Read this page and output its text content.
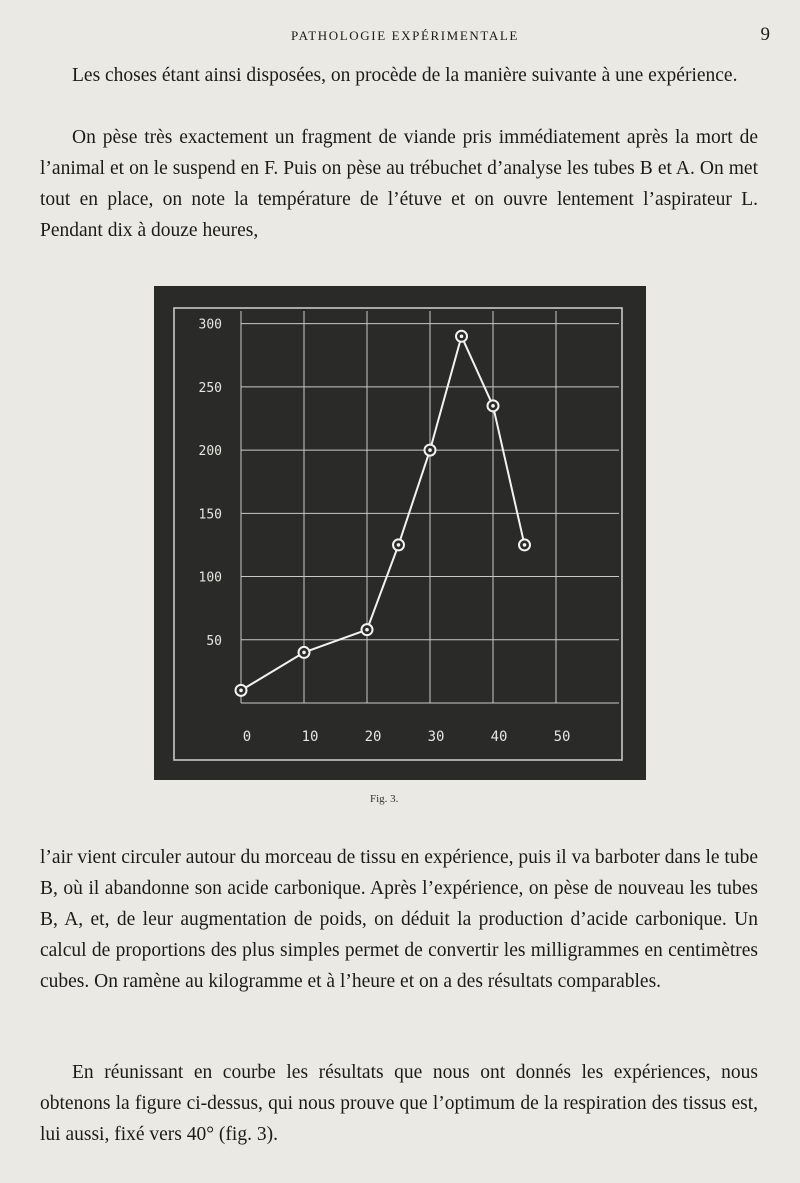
PATHOLOGIE EXPÉRIMENTALE	9

Les choses étant ainsi disposées, on procède de la manière suivante à une expérience.

On pèse très exactement un fragment de viande pris immédiatement après la mort de l’animal et on le suspend en F. Puis on pèse au trébuchet d’analyse les tubes B et A. On met tout en place, on note la température de l’étuve et on ouvre lentement l’aspirateur L. Pendant dix à douze heures,

0	10	20	30	40	50
50
100
150
200
250
300
Fig. 3.

l’air vient circuler autour du morceau de tissu en expérience, puis il va barboter dans le tube B, où il abandonne son acide carbonique. Après l’expérience, on pèse de nouveau les tubes B, A, et, de leur augmentation de poids, on déduit la production d’acide carbonique. Un calcul de proportions des plus simples permet de convertir les milligrammes en centimètres cubes. On ramène au kilogramme et à l’heure et on a des résultats comparables.

En réunissant en courbe les résultats que nous ont donnés les expériences, nous obtenons la figure ci-dessus, qui nous prouve que l’optimum de la respiration des tissus est, lui aussi, fixé vers 40° (fig. 3).
